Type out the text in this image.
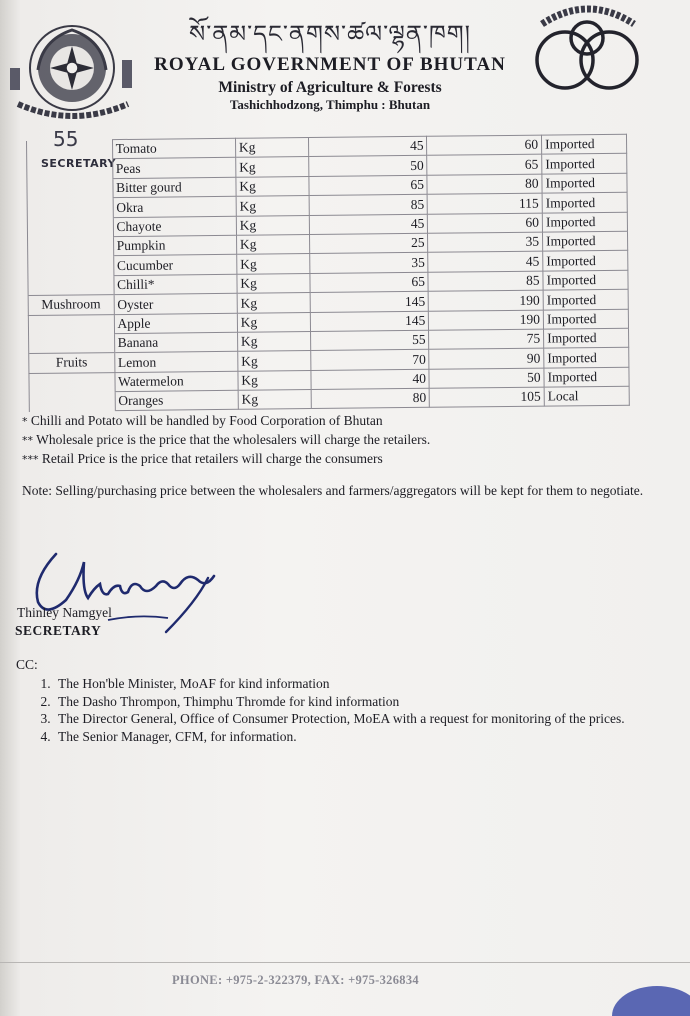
སོ་ནམ་དང་ནགས་ཚལ་ལྷན་ཁག།
ROYAL GOVERNMENT OF BHUTAN
Ministry of Agriculture & Forests
Tashichhodzong, Thimphu : Bhutan
55
SECRETARY
	Tomato	Kg	45	60	Imported
	Peas	Kg	50	65	Imported
	Bitter gourd	Kg	65	80	Imported
	Okra	Kg	85	115	Imported
	Chayote	Kg	45	60	Imported
	Pumpkin	Kg	25	35	Imported
	Cucumber	Kg	35	45	Imported
	Chilli*	Kg	65	85	Imported
Mushroom	Oyster	Kg	145	190	Imported
	Apple	Kg	145	190	Imported
	Banana	Kg	55	75	Imported
Fruits	Lemon	Kg	70	90	Imported
	Watermelon	Kg	40	50	Imported
	Oranges	Kg	80	105	Local
* Chilli and Potato will be handled by Food Corporation of Bhutan
** Wholesale price is the price that the wholesalers will charge the retailers.
*** Retail Price is the price that retailers will charge the consumers
Note: Selling/purchasing price between the wholesalers and farmers/aggregators will be kept for them to negotiate.
Thinley Namgyel
SECRETARY
CC:
1. The Hon'ble Minister, MoAF for kind information
2. The Dasho Thrompon, Thimphu Thromde for kind information
3. The Director General, Office of Consumer Protection, MoEA with a request for monitoring of the prices.
4. The Senior Manager, CFM, for information.
PHONE: +975-2-322379, FAX: +975-326834
